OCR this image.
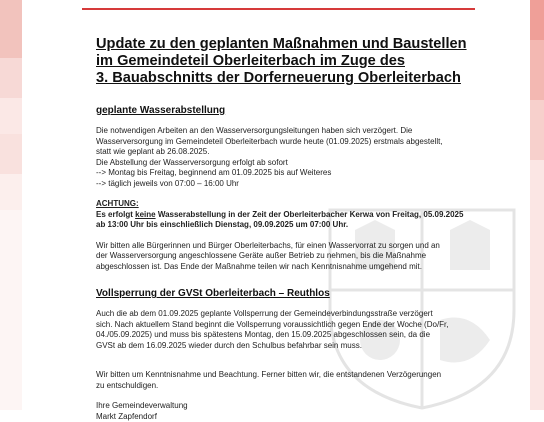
Update zu den geplanten Maßnahmen und Baustellen
im Gemeindeteil Oberleiterbach im Zuge des
3. Bauabschnitts der Dorferneuerung Oberleiterbach
geplante Wasserabstellung

Die notwendigen Arbeiten an den Wasserversorgungsleitungen haben sich verzögert. Die

Wasserversorgung im Gemeindeteil Oberleiterbach wurde heute (01.09.2025) erstmals abgestellt,

statt wie geplant ab 26.08.2025.

Die Abstellung der Wasserversorgung erfolgt ab sofort

--> Montag bis Freitag, beginnend am 01.09.2025 bis auf Weiteres

--> täglich jeweils von 07:00 – 16:00 Uhr

ACHTUNG:

Es erfolgt keine Wasserabstellung in der Zeit der Oberleiterbacher Kerwa von Freitag, 05.09.2025

ab 13:00 Uhr bis einschließlich Dienstag, 09.09.2025 um 07:00 Uhr.

Wir bitten alle Bürgerinnen und Bürger Oberleiterbachs, für einen Wasservorrat zu sorgen und an

der Wasserversorgung angeschlossene Geräte außer Betrieb zu nehmen, bis die Maßnahme

abgeschlossen ist. Das Ende der Maßnahme teilen wir nach Kenntnisnahme umgehend mit.

Vollsperrung der GVSt Oberleiterbach – Reuthlos

Auch die ab dem 01.09.2025 geplante Vollsperrung der Gemeindeverbindungsstraße verzögert

sich. Nach aktuellem Stand beginnt die Vollsperrung voraussichtlich gegen Ende der Woche (Do/Fr,

04./05.09.2025) und muss bis spätestens Montag, den 15.09.2025 abgeschlossen sein, da die

GVSt ab dem 16.09.2025 wieder durch den Schulbus befahrbar sein muss.

Wir bitten um Kenntnisnahme und Beachtung. Ferner bitten wir, die entstandenen Verzögerungen

zu entschuldigen.

Ihre Gemeindeverwaltung

Markt Zapfendorf
